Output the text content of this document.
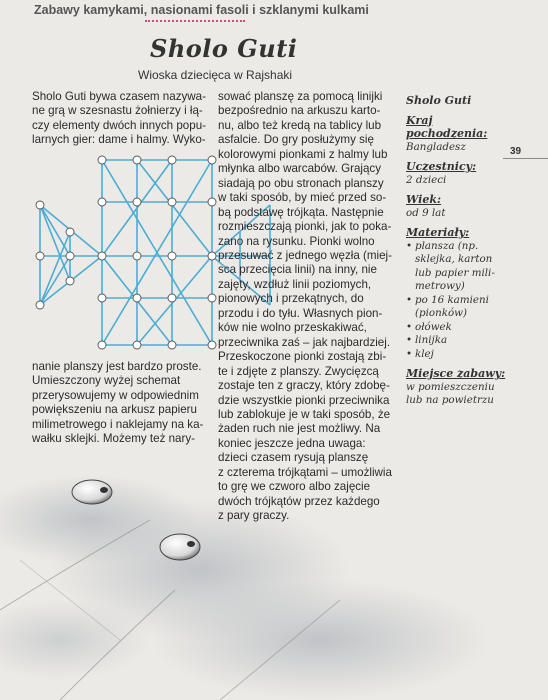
Zabawy kamykami, nasionami fasoli i szklanymi kulkami
Sholo Guti
Wioska dziecięca w Rajshaki

Sholo Guti bywa czasem nazywa-

ne grą w szesnastu żołnierzy i łą-

czy elementy dwóch innych popu-

larnych gier: dame i halmy. Wyko-

nanie planszy jest bardzo proste.

Umieszczony wyżej schemat

przerysowujemy w odpowiednim

powiększeniu na arkusz papieru

milimetrowego i naklejamy na ka-

wałku sklejki. Możemy też nary-

sować planszę za pomocą linijki

bezpośrednio na arkuszu karto-

nu, albo też kredą na tablicy lub

asfalcie. Do gry posłużymy się

kolorowymi pionkami z halmy lub

młynka albo warcabów. Grający

siadają po obu stronach planszy

w taki sposób, by mieć przed so-

bą podstawę trójkąta. Następnie

rozmieszczają pionki, jak to poka-

zano na rysunku. Pionki wolno

przesuwać z jednego węzła (miej-

sca przecięcia linii) na inny, nie

zajęty, wzdłuż linii poziomych,

pionowych i przekątnych, do

przodu i do tyłu. Własnych pion-

ków nie wolno przeskakiwać,

przeciwnika zaś – jak najbardziej.

Przeskoczone pionki zostają zbi-

te i zdjęte z planszy. Zwycięzcą

zostaje ten z graczy, który zdobę-

dzie wszystkie pionki przeciwnika

lub zablokuje je w taki sposób, że

żaden ruch nie jest możliwy. Na

koniec jeszcze jedna uwaga:

dzieci czasem rysują planszę

z czterema trójkątami – umożliwia

to grę we czworo albo zajęcie

dwóch trójkątów przez każdego

z pary graczy.

Sholo Guti
Kraj pochodzenia:
Bangladesz
Uczestnicy:
2 dzieci
Wiek:
od 9 lat
Materiały:
• plansza (np. sklejka, karton lub papier mili-metrowy)
• po 16 kamieni (pionków)
• ołówek
• linijka
• klej
Miejsce zabawy:
w pomieszczeniu lub na powietrzu
39
